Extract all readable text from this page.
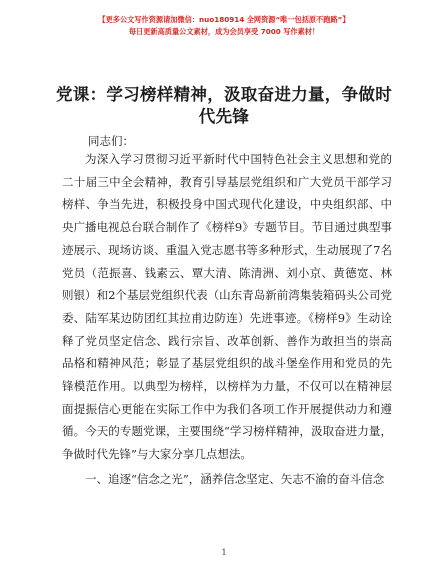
【更多公文写作资源请加微信：nuo180914 全网资源“唯一包括原不跑路”】
每日更新高质量公文素材，成为会员享受 7000 写作素材！
党课：学习榜样精神，汲取奋进力量，争做时代先锋
同志们：

为深入学习贯彻习近平新时代中国特色社会主义思想和党的二十届三中全会精神，教育引导基层党组织和广大党员干部学习榜样、争当先进，积极投身中国式现代化建设，中央组织部、中央广播电视总台联合制作了《榜样9》专题节目。节目通过典型事迹展示、现场访谈、重温入党志愿书等多种形式，生动展现了7名党员（范振喜、钱素云、覃大清、陈清洲、刘小京、黄德宽、林则银）和2个基层党组织代表（山东青岛新前湾集装箱码头公司党委、陆军某边防团红其拉甫边防连）先进事迹。《榜样9》生动诠释了党员坚定信念、践行宗旨、改革创新、善作为敢担当的崇高品格和精神风范；彰显了基层党组织的战斗堡垒作用和党员的先锋模范作用。以典型为榜样，以榜样为力量，不仅可以在精神层面提振信心更能在实际工作中为我们各项工作开展提供动力和遵循。今天的专题党课，主要围绕“学习榜样精神，汲取奋进力量，争做时代先锋”与大家分享几点想法。

一、追逐“信念之光”，涵养信念坚定、矢志不渝的奋斗信念

1
